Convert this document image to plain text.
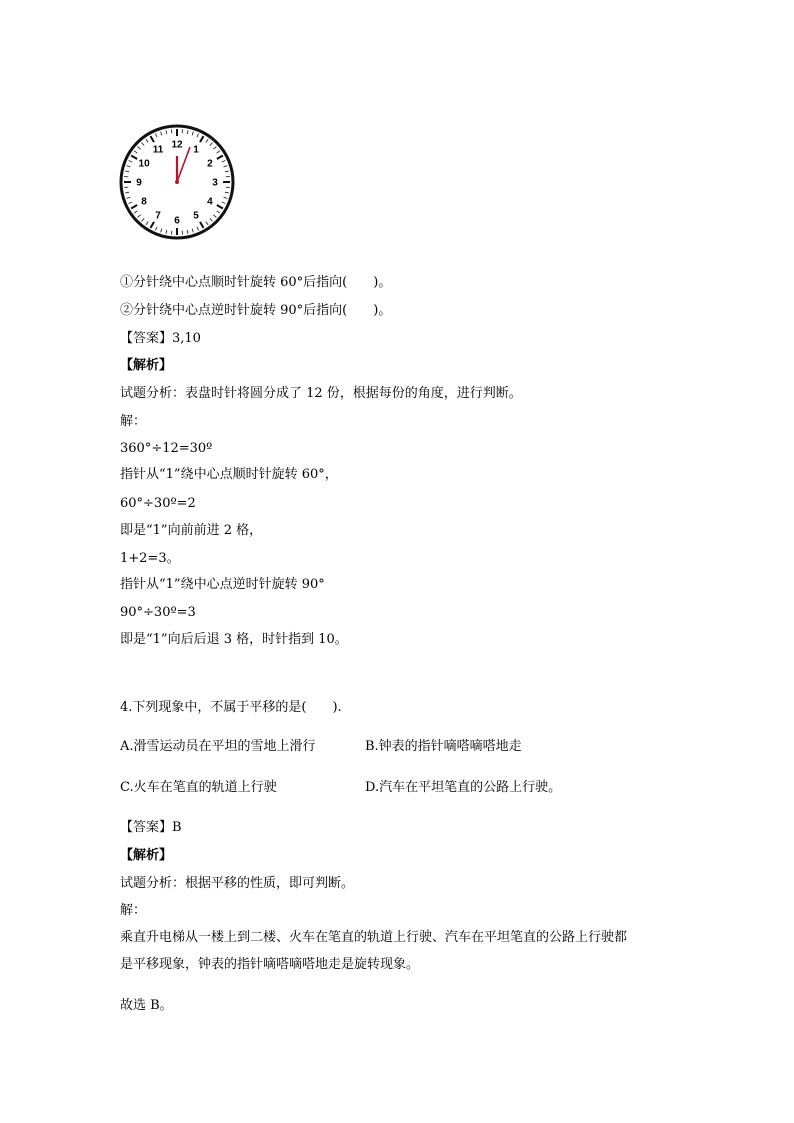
12 1
2
3
4
5
6
7
8
9
10
11
①分针绕中心点顺时针旋转 60°后指向(　　)。
②分针绕中心点逆时针旋转 90°后指向(　　)。
【答案】3,10
【解析】
试题分析：表盘时针将圆分成了 12 份，根据每份的角度，进行判断。
解：
360°÷12=30º
指针从“1”绕中心点顺时针旋转 60°，
60°÷30º=2
即是“1”向前前进 2 格，
1+2=3。
指针从“1”绕中心点逆时针旋转 90°
90°÷30º=3
即是“1”向后后退 3 格，时针指到 10。
4.下列现象中，不属于平移的是(　　).
A.滑雪运动员在平坦的雪地上滑行	B.钟表的指针嘀嗒嘀嗒地走
C.火车在笔直的轨道上行驶	D.汽车在平坦笔直的公路上行驶。
【答案】B
【解析】
试题分析：根据平移的性质，即可判断。
解：
乘直升电梯从一楼上到二楼、火车在笔直的轨道上行驶、汽车在平坦笔直的公路上行驶都
是平移现象，钟表的指针嘀嗒嘀嗒地走是旋转现象。
故选 B。
